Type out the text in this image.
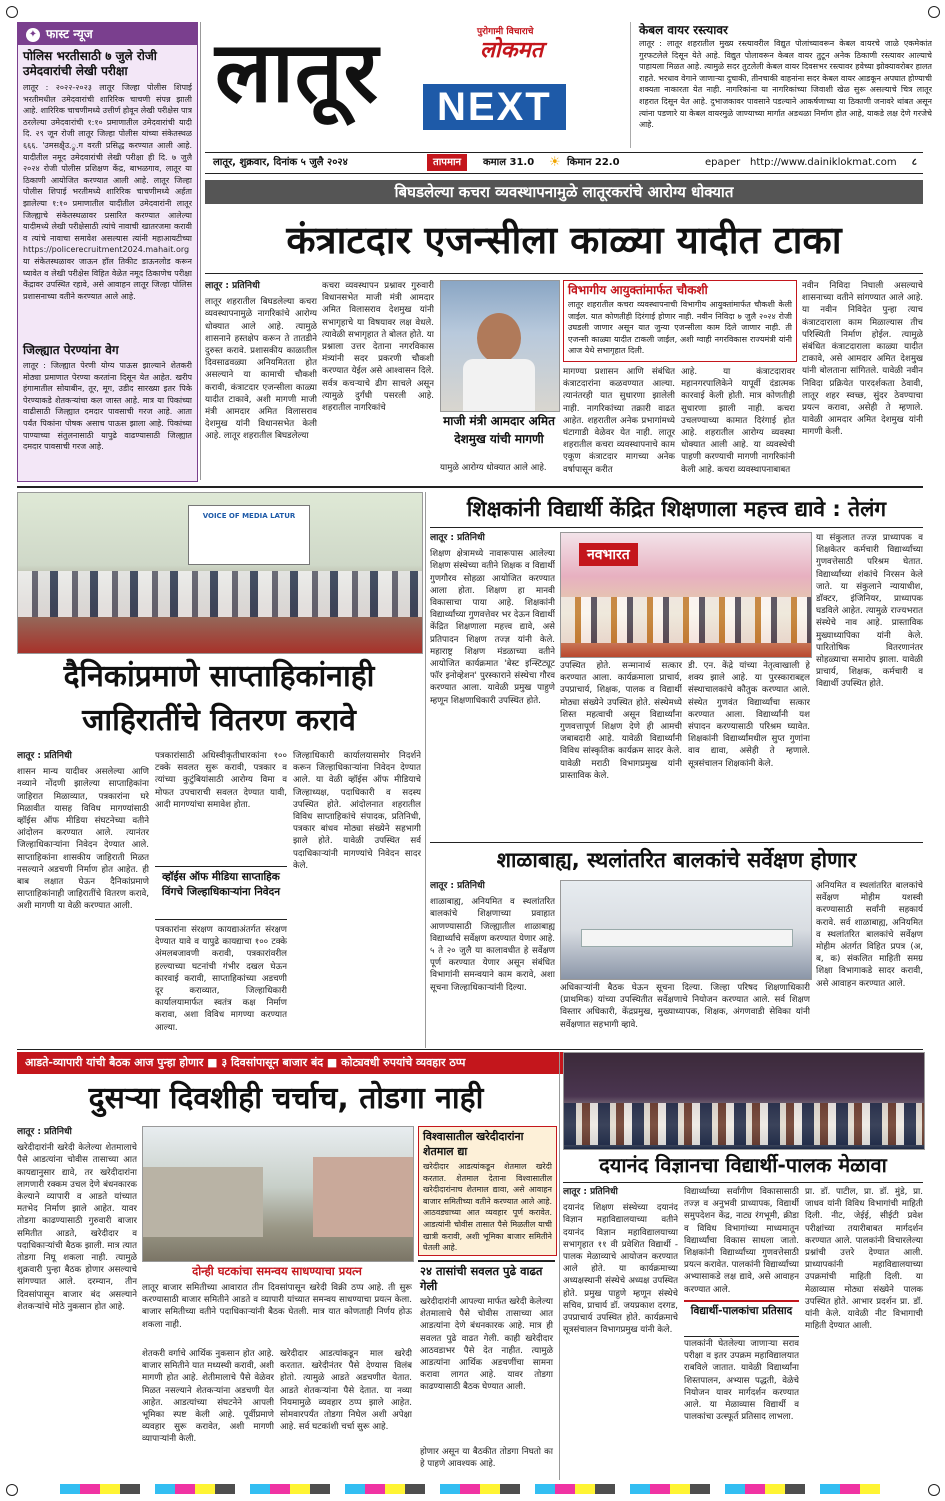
✦ फास्ट न्यूज
पोलिस भरतीसाठी ७ जुले रोजी उमेदवारांची लेखी परीक्षा
लातूर : २०२२-२०२३ लातूर जिल्हा पोलीस शिपाई भरतीमधील उमेदवारांची शारिरिक चाचणी संपन्न झाली आहे. शारिरिक चाचणीमध्ये उत्तीर्ण होवून लेखी परीक्षेस पात्र ठरलेल्या उमेदवारांची १:१० प्रमाणातील उमेदवारांची यादी दि. २९ जून रोजी लातूर जिल्हा पोलीस यांच्या संकेतस्थळ ६६६. 'उमसक्षृैउ.्रु.ग वरती प्रसिद्ध करण्यात आली आहे. यादीतील नमूद उमेदवारांची लेखी परीक्षा ही दि. ७ जुलै २०२४ रोजी पोलीस प्रशिक्षण केंद्र, बाभळगाव, लातूर या ठिकाणी आयोजित करण्यात आली आहे. लातूर जिल्हा पोलीस शिपाई भरतीमध्ये शारिरिक चाचणीमध्ये अर्हता झालेल्या १:१० प्रमाणातील यादीतील उमेदवारांनी लातूर जिल्ह्याचे संकेतस्थळावर प्रसारित करण्यात आलेल्या यादीमध्ये लेखी परीक्षेसाठी त्यांचे नावाची खातरजमा करावी व त्यांचे नावाचा समावेश असल्यास त्यांनी महाआयटीच्या https://policerecruitment2024.mahait.org या संकेतस्थळावर जाऊन हॉल तिकीट डाऊनलोड करून घ्यावेत व लेखी परीक्षेस विहित वेळेत नमूद ठिकाणेच परीक्षा केंद्रावर उपस्थित रहावे, असे आवाहन लातूर जिल्हा पोलिस प्रशासनाच्या वतीने करण्यात आले आहे.
जिल्ह्यात पेरण्यांना वेग
लातूर : जिल्ह्यात पेरणी योग्य पाऊस झाल्याने शेतकरी मोठ्या प्रमाणात पेरण्या करतांना दिसून येत आहेत. खरीप हंगामातील सोयाबीन, तूर, मूग, उडीद सारख्या इतर पिके पेरण्याकडे शेतकऱ्यांचा कल जास्त आहे. मात्र या पिकांच्या वाढीसाठी जिल्ह्यात दमदार पावसाची गरज आहे. आता पर्यंत पिकांना पोषक असाच पाऊस झाला आहे. पिकांच्या पाण्याच्या संतुलनासाठी यापुढे वाढण्यासाठी जिल्ह्यात दमदार पावसाची गरज आहे.
लातूर	पुरोगामी विचाराचे
लोकमत
NEXT
लातूर, शुक्रवार, दिनांक ५ जुलै २०२४	तापमान	कमाल 31.0 ☀ किमान 22.0	epaper http://www.dainiklokmat.com ८
केबल वायर रस्त्यावर
लातूर : लातूर शहरातील मुख्य रस्त्यावरील विद्युत पोलांच्यावरून केबल वायरचे जाळे एकमेकांत गुरफटलेले दिसून येते आहे. विद्युत पोलावरून केबल वायर तुटून अनेक ठिकाणी रस्त्यावर आल्याचे पाहायला मिळत आहे. त्यामुळे सदर तुटलेली केबल वायर दिवसभर रस्त्यावर हवेच्या झोक्यावरोबर हालत राहते. भरधाव वेगाने जाणाऱ्या दुचाकी, तीनचाकी वाहनांना सदर केबल वायर आडकून अपघात होण्याची शक्यता नाकारता येत नाही. नागरिकांना या नागरिकांच्या जिवाशी खेळ सुरू असल्याचे चित्र लातूर शहरात दिसून येत आहे. दुभाजकावर पावसाने पडल्याने आकर्षणाच्या या ठिकाणी जनावरे थांबत असून त्यांना पडणारे या केबल वायरमुळे जाण्याच्या मार्गात अडथळा निर्माण होत आहे, याकडे लक्ष देणे गरजेचे आहे.
बिघडलेल्या कचरा व्यवस्थापनामुळे लातूरकरांचे आरोग्य धोक्यात
कंत्राटदार एजन्सीला काळ्या यादीत टाका
लातूर : प्रतिनिधी
लातूर शहरातील बिघडलेल्या कचरा व्यवस्थापनामुळे नागरिकांचे आरोग्य धोक्यात आले आहे. त्यामुळे शासनाने हस्तक्षेप करून ते तातडीने दुरुस्त करावे. प्रशासकीय काळातील दिवसाढवळ्या अनियमितता होत असल्याने या कामाची चौकशी करावी, कंत्राटदार एजन्सीला काळ्या यादीत टाकावे, अशी मागणी माजी मंत्री आमदार अमित विलासराव देशमुख यांनी विधानसभेत केली आहे. लातूर शहरातील बिघडलेल्या
कचरा व्यवस्थापन प्रश्नावर गुरुवारी विधानसभेत माजी मंत्री आमदार अमित विलासराव देशमुख यांनी सभागृहाचे या विषयावर लक्ष वेधले. त्यावेळी सभागृहात ते बोलत होते. या प्रश्नाला उत्तर देताना नगरविकास मंत्र्यांनी सदर प्रकरणी चौकशी करण्यात येईल असे आश्वासन दिले. सर्वत्र कचऱ्याचे ढीग साचले असून त्यामुळे दुर्गंधी पसरली आहे. शहरातील नागरिकांचे
माजी मंत्री आमदार अमित देशमुख यांची मागणी
यामुळे आरोग्य धोक्यात आले आहे.
विभागीय आयुक्तांमार्फत चौकशी
लातूर शहरातील कचरा व्यवस्थापनाची विभागीय आयुक्तांमार्फत चौकशी केली जाईल. यात कोणतीही दिरंगाई होणार नाही. नवीन निविदा ७ जुलै २०२४ रोजी उघडली जाणार असून यात जुन्या एजन्सीला काम दिले जाणार नाही. ती एजन्सी काळ्या यादीत टाकली जाईल, अशी ग्वाही नगरविकास राज्यमंत्री यांनी आज येथे सभागृहात दिली.
मागण्या प्रशासन आणि संबंधित कंत्राटदारांना कळवण्यात आल्या. त्यानंतरही यात सुधारणा झालेली नाही. नागरिकांच्या तक्रारी वाढत आहेत. शहरातील अनेक प्रभागांमध्ये घंटागाडी वेळेवर येत नाही. लातूर शहरातील कचरा व्यवस्थापनाचे काम एकूण कंत्राटदार मागच्या अनेक वर्षापासून करीत
आहे. या कंत्राटदारावर महानगरपालिकेने यापूर्वी दंडात्मक कारवाई केली होती. मात्र कोणतीही सुधारणा झाली नाही. कचरा उचलण्याच्या कामात दिरंगाई होत आहे. शहरातील आरोग्य व्यवस्था धोक्यात आली आहे. या व्यवस्थेची पाहणी करण्याची मागणी नागरिकांनी केली आहे. कचरा व्यवस्थापनाबाबत
नवीन निविदा निघाली असल्याचे शासनाच्या वतीने सांगण्यात आले आहे. या नवीन निविदेत पुन्हा त्याच कंत्राटदाराला काम मिळाल्यास तीच परिस्थिती निर्माण होईल. त्यामुळे संबंधित कंत्राटदाराला काळ्या यादीत टाकावे, असे आमदार अमित देशमुख यांनी बोलताना सांगितले. यावेळी नवीन निविदा प्रक्रियेत पारदर्शकता ठेवावी, लातूर शहर स्वच्छ, सुंदर ठेवण्याचा प्रयत्न करावा, असेही ते म्हणाले. यावेळी आमदार अमित देशमुख यांनी मागणी केली.
VOICE OF MEDIA LATUR
दैनिकांप्रमाणे साप्ताहिकांनाही जाहिरातींचे वितरण करावे
लातूर : प्रतिनिधी
शासन मान्य यादीवर असलेल्या आणि नव्याने नोंदणी झालेल्या साप्ताहिकांना जाहिरात मिळाव्यात, पत्रकारांना घरे मिळावीत यासह विविध मागण्यांसाठी व्हॉईस ऑफ मीडिया संघटनेच्या वतीने आंदोलन करण्यात आले. त्यानंतर जिल्हाधिकाऱ्यांना निवेदन देण्यात आले. साप्ताहिकांना शासकीय जाहिराती मिळत नसल्याने अडचणी निर्माण होत आहेत. ही बाब लक्षात घेऊन दैनिकांप्रमाणे साप्ताहिकांनाही जाहिरातींचे वितरण करावे, अशी मागणी या वेळी करण्यात आली.
पत्रकारांसाठी अधिस्वीकृतीधारकांना १०० टक्के सवलत सुरू करावी, पत्रकार व त्यांच्या कुटुंबियांसाठी आरोग्य विमा व मोफत उपचाराची सवलत देण्यात यावी, आदी मागण्यांचा समावेश होता.
व्हॉईस ऑफ मीडिया साप्ताहिक विंगचे जिल्हाधिकाऱ्यांना निवेदन
पत्रकारांना संरक्षण कायद्याअंतर्गत संरक्षण देण्यात यावे व यापुढे कायद्याचा १०० टक्के अंमलबजावणी करावी, पत्रकारांवरील हल्ल्याच्या घटनांची गंभीर दखल घेऊन कारवाई करावी, साप्ताहिकांच्या अडचणी दूर कराव्यात, जिल्हाधिकारी कार्यालयामार्फत स्वतंत्र कक्ष निर्माण करावा, अशा विविध मागण्या करण्यात आल्या.
जिल्हाधिकारी कार्यालयासमोर निदर्शने करून जिल्हाधिकाऱ्यांना निवेदन देण्यात आले. या वेळी व्हॉईस ऑफ मीडियाचे जिल्हाध्यक्ष, पदाधिकारी व सदस्य उपस्थित होते. आंदोलनात शहरातील विविध साप्ताहिकांचे संपादक, प्रतिनिधी, पत्रकार बांधव मोठ्या संख्येने सहभागी झाले होते. यावेळी उपस्थित सर्व पदाधिकाऱ्यांनी मागण्यांचे निवेदन सादर केले.
शिक्षकांनी विद्यार्थी केंद्रित शिक्षणाला महत्त्व द्यावे : तेलंग
लातूर : प्रतिनिधी
शिक्षण क्षेत्रामध्ये नावारूपास आलेल्या शिक्षण संस्थेच्या वतीने शिक्षक व विद्यार्थी गुणगौरव सोहळा आयोजित करण्यात आला होता. शिक्षण हा मानवी विकासाचा पाया आहे. शिक्षकांनी विद्यार्थ्यांच्या गुणवत्तेवर भर देऊन विद्यार्थी केंद्रित शिक्षणाला महत्त्व द्यावे, असे प्रतिपादन शिक्षण तज्ज्ञ यांनी केले. महाराष्ट्र शिक्षण मंडळाच्या वतीने आयोजित कार्यक्रमात 'बेस्ट इन्स्टिट्यूट फॉर इनोव्हेशन' पुरस्काराने संस्थेचा गौरव करण्यात आला. यावेळी प्रमुख पाहुणे म्हणून शिक्षणाधिकारी उपस्थित होते.
नवभारत
उपस्थित होते. सन्मानार्थ सत्कार करण्यात आला. कार्यक्रमाला प्राचार्य, उपप्राचार्य, शिक्षक, पालक व विद्यार्थी मोठ्या संख्येने उपस्थित होते. संस्थेमध्ये शिस्त महत्वाची असून विद्यार्थ्यांना गुणवत्तापूर्ण शिक्षण देणे ही आमची जबाबदारी आहे. यावेळी विद्यार्थ्यांनी विविध सांस्कृतिक कार्यक्रम सादर केले. यावेळी मराठी विभागप्रमुख यांनी प्रास्ताविक केले.
डी. एन. केंद्रे यांच्या नेतृत्वाखाली हे शक्य झाले आहे. या पुरस्काराबद्दल संस्थाचालकांचे कौतुक करण्यात आले. संस्थेत गुणवंत विद्यार्थ्यांचा सत्कार करण्यात आला. विद्यार्थ्यांनी यश संपादन करण्यासाठी परिश्रम घ्यावेत. शिक्षकांनी विद्यार्थ्यांमधील सुप्त गुणांना वाव द्यावा, असेही ते म्हणाले. सूत्रसंचालन शिक्षकांनी केले.
या संकुलात तज्ज्ञ प्राध्यापक व शिक्षकेतर कर्मचारी विद्यार्थ्यांच्या गुणवत्तेसाठी परिश्रम घेतात. विद्यार्थ्यांच्या शंकांचे निरसन केले जाते. या संकुलाने न्यायाधीश, डॉक्टर, इंजिनियर, प्राध्यापक घडविले आहेत. त्यामुळे राज्यभरात संस्थेचे नाव आहे. प्रास्ताविक मुख्याध्यापिका यांनी केले. पारितोषिक वितरणानंतर सोहळ्याचा समारोप झाला. यावेळी प्राचार्य, शिक्षक, कर्मचारी व विद्यार्थी उपस्थित होते.
शाळाबाह्य, स्थलांतरित बालकांचे सर्वेक्षण होणार
लातूर : प्रतिनिधी
शाळाबाह्य, अनियमित व स्थलांतरित बालकांचे शिक्षणाच्या प्रवाहात आणण्यासाठी जिल्ह्यातील शाळाबाह्य विद्यार्थ्यांचे सर्वेक्षण करण्यात येणार आहे. ५ ते २० जुलै या कालावधीत हे सर्वेक्षण पूर्ण करण्यात येणार असून संबंधित विभागांनी समन्वयाने काम करावे, अशा सूचना जिल्हाधिकाऱ्यांनी दिल्या.	अधिकाऱ्यांनी बैठक घेऊन सूचना दिल्या. जिल्हा परिषद शिक्षणाधिकारी (प्राथमिक) यांच्या उपस्थितीत सर्वेक्षणाचे नियोजन करण्यात आले. सर्व शिक्षण विस्तार अधिकारी, केंद्रप्रमुख, मुख्याध्यापक, शिक्षक, अंगणवाडी सेविका यांनी सर्वेक्षणात सहभागी व्हावे.
अनियमित व स्थलांतरित बालकांचे सर्वेक्षण मोहीम यशस्वी करण्यासाठी सर्वांनी सहकार्य करावे. सर्व शाळाबाह्य, अनियमित व स्थलांतरित बालकांचे सर्वेक्षण मोहीम अंतर्गत विहित प्रपत्र (अ, ब, क) संकलित माहिती समग्र शिक्षा विभागाकडे सादर करावी, असे आवाहन करण्यात आले.
आडते-व्यापारी यांची बैठक आज पुन्हा होणार ■ ३ दिवसांपासून बाजार बंद ■ कोट्यवधी रुपयांचे व्यवहार ठप्प
दुसऱ्या दिवशीही चर्चाच, तोडगा नाही
लातूर : प्रतिनिधी
खरेदीदारांनी खरेदी केलेल्या शेतमालाचे पैसे आडत्यांना चोवीस तासाच्या आत कायद्यानुसार द्यावे, तर खरेदीदारांना लागणारी रक्कम उचल देणे बंधनकारक केल्याने व्यापारी व आडते यांच्यात मतभेद निर्माण झाले आहेत. यावर तोडगा काढण्यासाठी गुरुवारी बाजार समितीत आडते, खरेदीदार व पदाधिकाऱ्यांची बैठक झाली. मात्र त्यात तोडगा निघू शकला नाही. त्यामुळे शुक्रवारी पुन्हा बैठक होणार असल्याचे सांगण्यात आले. दरम्यान, तीन दिवसांपासून बाजार बंद असल्याने शेतकऱ्यांचे मोठे नुकसान होत आहे.
दोन्ही घटकांचा समन्वय साधण्याचा प्रयत्न
लातूर बाजार समितीच्या आवारात तीन दिवसांपासून खरेदी विक्री ठप्प आहे. ती सुरू करण्यासाठी बाजार समितीने आडते व व्यापारी यांच्यात समन्वय साधण्याचा प्रयत्न केला. बाजार समितीच्या वतीने पदाधिकाऱ्यांनी बैठक घेतली. मात्र यात कोणताही निर्णय होऊ शकला नाही.
शेतकरी वर्गाचे आर्थिक नुकसान होत आहे. बाजार समितीने यात मध्यस्थी करावी, अशी मागणी होत आहे. शेतीमालाचे पैसे वेळेवर मिळत नसल्याने शेतकऱ्यांना अडचणी येत आहेत. आडत्यांच्या संघटनेने आपली भूमिका स्पष्ट केली आहे. पूर्वीप्रमाणे व्यवहार सुरू करावेत, अशी मागणी व्यापाऱ्यांनी केली.
खरेदीदार आडत्यांकडून माल खरेदी करतात. खरेदीनंतर पैसे देण्यास विलंब होतो. त्यामुळे आडते अडचणीत येतात. आडते शेतकऱ्यांना पैसे देतात. या नव्या नियमामुळे व्यवहार ठप्प झाले आहेत. सोमवारपर्यंत तोडगा निघेल अशी अपेक्षा आहे. सर्व घटकांशी चर्चा सुरू आहे.
विश्वासातील खरेदीदारांना शेतमाल द्या
खरेदीदार आडत्यांकडून शेतमाल खरेदी करतात. शेतमाल देताना विश्वासातील खरेदीदारांनाच शेतमाल द्यावा, असे आवाहन बाजार समितीच्या वतीने करण्यात आले आहे. आठवड्याच्या आत व्यवहार पूर्ण करावेत. आडत्यांनी चोवीस तासात पैसे मिळतील याची खात्री करावी, अशी भूमिका बाजार समितीने घेतली आहे.
२४ तासांची सवलत पुढे वाढत गेली
खरेदीदारांनी आपल्या मार्फत खरेदी केलेल्या शेतमालाचे पैसे चोवीस तासाच्या आत आडत्यांना देणे बंधनकारक आहे. मात्र ही सवलत पुढे वाढत गेली. काही खरेदीदार आठवडाभर पैसे देत नाहीत. त्यामुळे आडत्यांना आर्थिक अडचणींचा सामना करावा लागत आहे. यावर तोडगा काढण्यासाठी बैठक घेण्यात आली.
होणार असून या बैठकीत तोडगा निघतो का हे पाहणे आवश्यक आहे.
दयानंद विज्ञानचा विद्यार्थी-पालक मेळावा
लातूर : प्रतिनिधी
दयानंद शिक्षण संस्थेच्या दयानंद विज्ञान महाविद्यालयाच्या वतीने दयानंद विज्ञान महाविद्यालयाच्या सभागृहात ११ वी प्रवेशित विद्यार्थी - पालक मेळाव्याचे आयोजन करण्यात आले होते. या कार्यक्रमाच्या अध्यक्षस्थानी संस्थेचे अध्यक्ष उपस्थित होते. प्रमुख पाहुणे म्हणून संस्थेचे सचिव, प्राचार्य डॉ. जयप्रकाश दरगड, उपप्राचार्य उपस्थित होते. कार्यक्रमाचे सूत्रसंचालन विभागप्रमुख यांनी केले.
विद्यार्थ्यांच्या सर्वांगीण विकासासाठी तज्ज्ञ व अनुभवी प्राध्यापक, विद्यार्थी समुपदेशन केंद्र, नाट्य रंगभूमी, क्रीडा व विविध विभागांच्या माध्यमातून विद्यार्थ्यांचा विकास साधला जातो. शिक्षकांनी विद्यार्थ्यांच्या गुणवत्तेसाठी प्रयत्न करावेत. पालकांनी विद्यार्थ्यांच्या अभ्यासाकडे लक्ष द्यावे, असे आवाहन करण्यात आले.
विद्यार्थी-पालकांचा प्रतिसाद
पालकांनी घेतलेल्या जाणाऱ्या सराव परीक्षा व इतर उपक्रम महाविद्यालयात राबविले जातात. यावेळी विद्यार्थ्यांना शिस्तपालन, अभ्यास पद्धती, वेळेचे नियोजन यावर मार्गदर्शन करण्यात आले. या मेळाव्यास विद्यार्थी व पालकांचा उत्स्फूर्त प्रतिसाद लाभला.
प्रा. डॉ. पाटील, प्रा. डॉ. मुंडे, प्रा. जाधव यांनी विविध विभागांची माहिती दिली. नीट, जेईई, सीईटी प्रवेश परीक्षांच्या तयारीबाबत मार्गदर्शन करण्यात आले. पालकांनी विचारलेल्या प्रश्नांची उत्तरे देण्यात आली. प्राध्यापकांनी महाविद्यालयाच्या उपक्रमांची माहिती दिली. या मेळाव्यास मोठ्या संख्येने पालक उपस्थित होते. आभार प्रदर्शन प्रा. डॉ. यांनी केले. यावेळी नीट विभागाची माहिती देण्यात आली.
